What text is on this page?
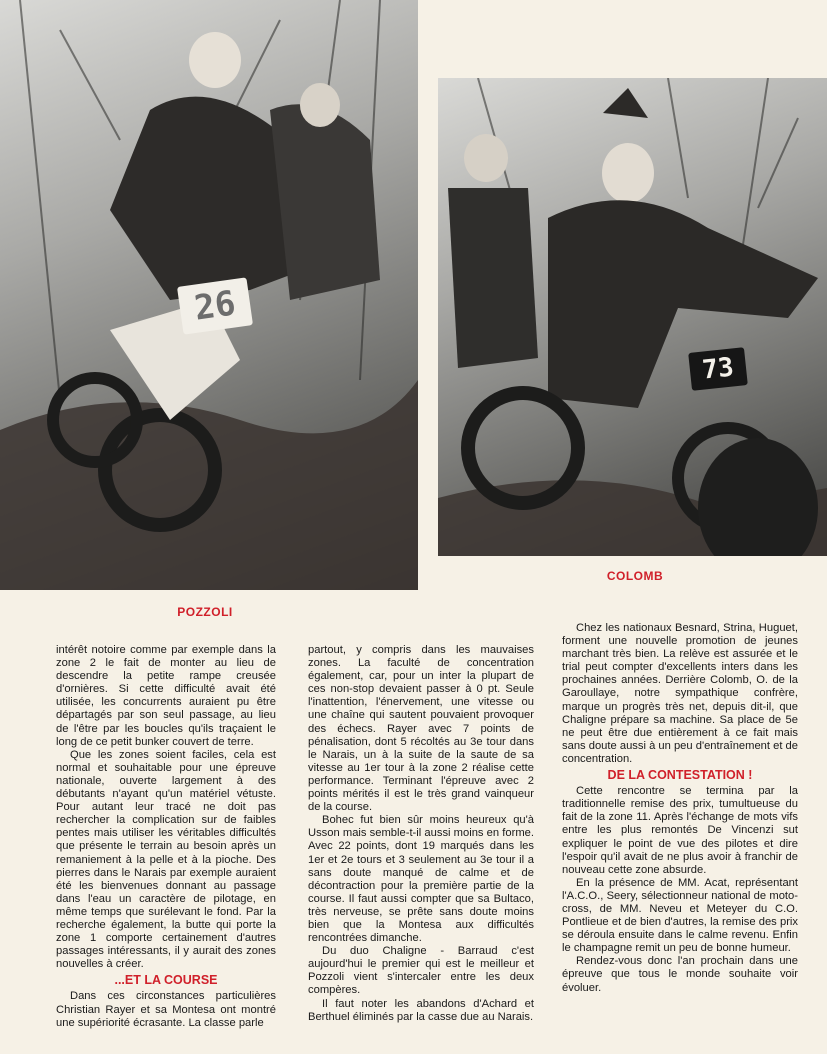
26
73
POZZOLI
COLOMB

intérêt notoire comme par exemple dans la zone 2 le fait de monter au lieu de descendre la petite rampe creusée d'ornières. Si cette difficulté avait été utilisée, les concurrents auraient pu être départagés par son seul passage, au lieu de l'être par les boucles qu'ils traçaient le long de ce petit bunker couvert de terre.

Que les zones soient faciles, cela est normal et souhaitable pour une épreuve nationale, ouverte largement à des débutants n'ayant qu'un matériel vétuste. Pour autant leur tracé ne doit pas rechercher la complication sur de faibles pentes mais utiliser les véritables difficultés que présente le terrain au besoin après un remaniement à la pelle et à la pioche. Des pierres dans le Narais par exemple auraient été les bienvenues donnant au passage dans l'eau un caractère de pilotage, en même temps que surélevant le fond. Par la recherche également, la butte qui porte la zone 1 comporte certainement d'autres passages intéressants, il y aurait des zones nouvelles à créer.

...ET LA COURSE

Dans ces circonstances particulières Christian Rayer et sa Montesa ont montré une supériorité écrasante. La classe parle

partout, y compris dans les mauvaises zones. La faculté de concentration également, car, pour un inter la plupart de ces non-stop devaient passer à 0 pt. Seule l'inattention, l'énervement, une vitesse ou une chaîne qui sautent pouvaient provoquer des échecs. Rayer avec 7 points de pénalisation, dont 5 récoltés au 3e tour dans le Narais, un à la suite de la saute de sa vitesse au 1er tour à la zone 2 réalise cette performance. Terminant l'épreuve avec 2 points mérités il est le très grand vainqueur de la course.

Bohec fut bien sûr moins heureux qu'à Usson mais semble-t-il aussi moins en forme. Avec 22 points, dont 19 marqués dans les 1er et 2e tours et 3 seulement au 3e tour il a sans doute manqué de calme et de décontraction pour la première partie de la course. Il faut aussi compter que sa Bultaco, très nerveuse, se prête sans doute moins bien que la Montesa aux difficultés rencontrées dimanche.

Du duo Chaligne - Barraud c'est aujourd'hui le premier qui est le meilleur et Pozzoli vient s'intercaler entre les deux compères.

Il faut noter les abandons d'Achard et Berthuel éliminés par la casse due au Narais.

Chez les nationaux Besnard, Strina, Huguet, forment une nouvelle promotion de jeunes marchant très bien. La relève est assurée et le trial peut compter d'excellents inters dans les prochaines années. Derrière Colomb, O. de la Garoullaye, notre sympathique confrère, marque un progrès très net, depuis dit-il, que Chaligne prépare sa machine. Sa place de 5e ne peut être due entièrement à ce fait mais sans doute aussi à un peu d'entraînement et de concentration.

DE LA CONTESTATION !

Cette rencontre se termina par la traditionnelle remise des prix, tumultueuse du fait de la zone 11. Après l'échange de mots vifs entre les plus remontés De Vincenzi sut expliquer le point de vue des pilotes et dire l'espoir qu'il avait de ne plus avoir à franchir de nouveau cette zone absurde.

En la présence de MM. Acat, représentant l'A.C.O., Seery, sélectionneur national de moto-cross, de MM. Neveu et Meteyer du C.O. Pontlieue et de bien d'autres, la remise des prix se déroula ensuite dans le calme revenu. Enfin le champagne remit un peu de bonne humeur.

Rendez-vous donc l'an prochain dans une épreuve que tous le monde souhaite voir évoluer.
